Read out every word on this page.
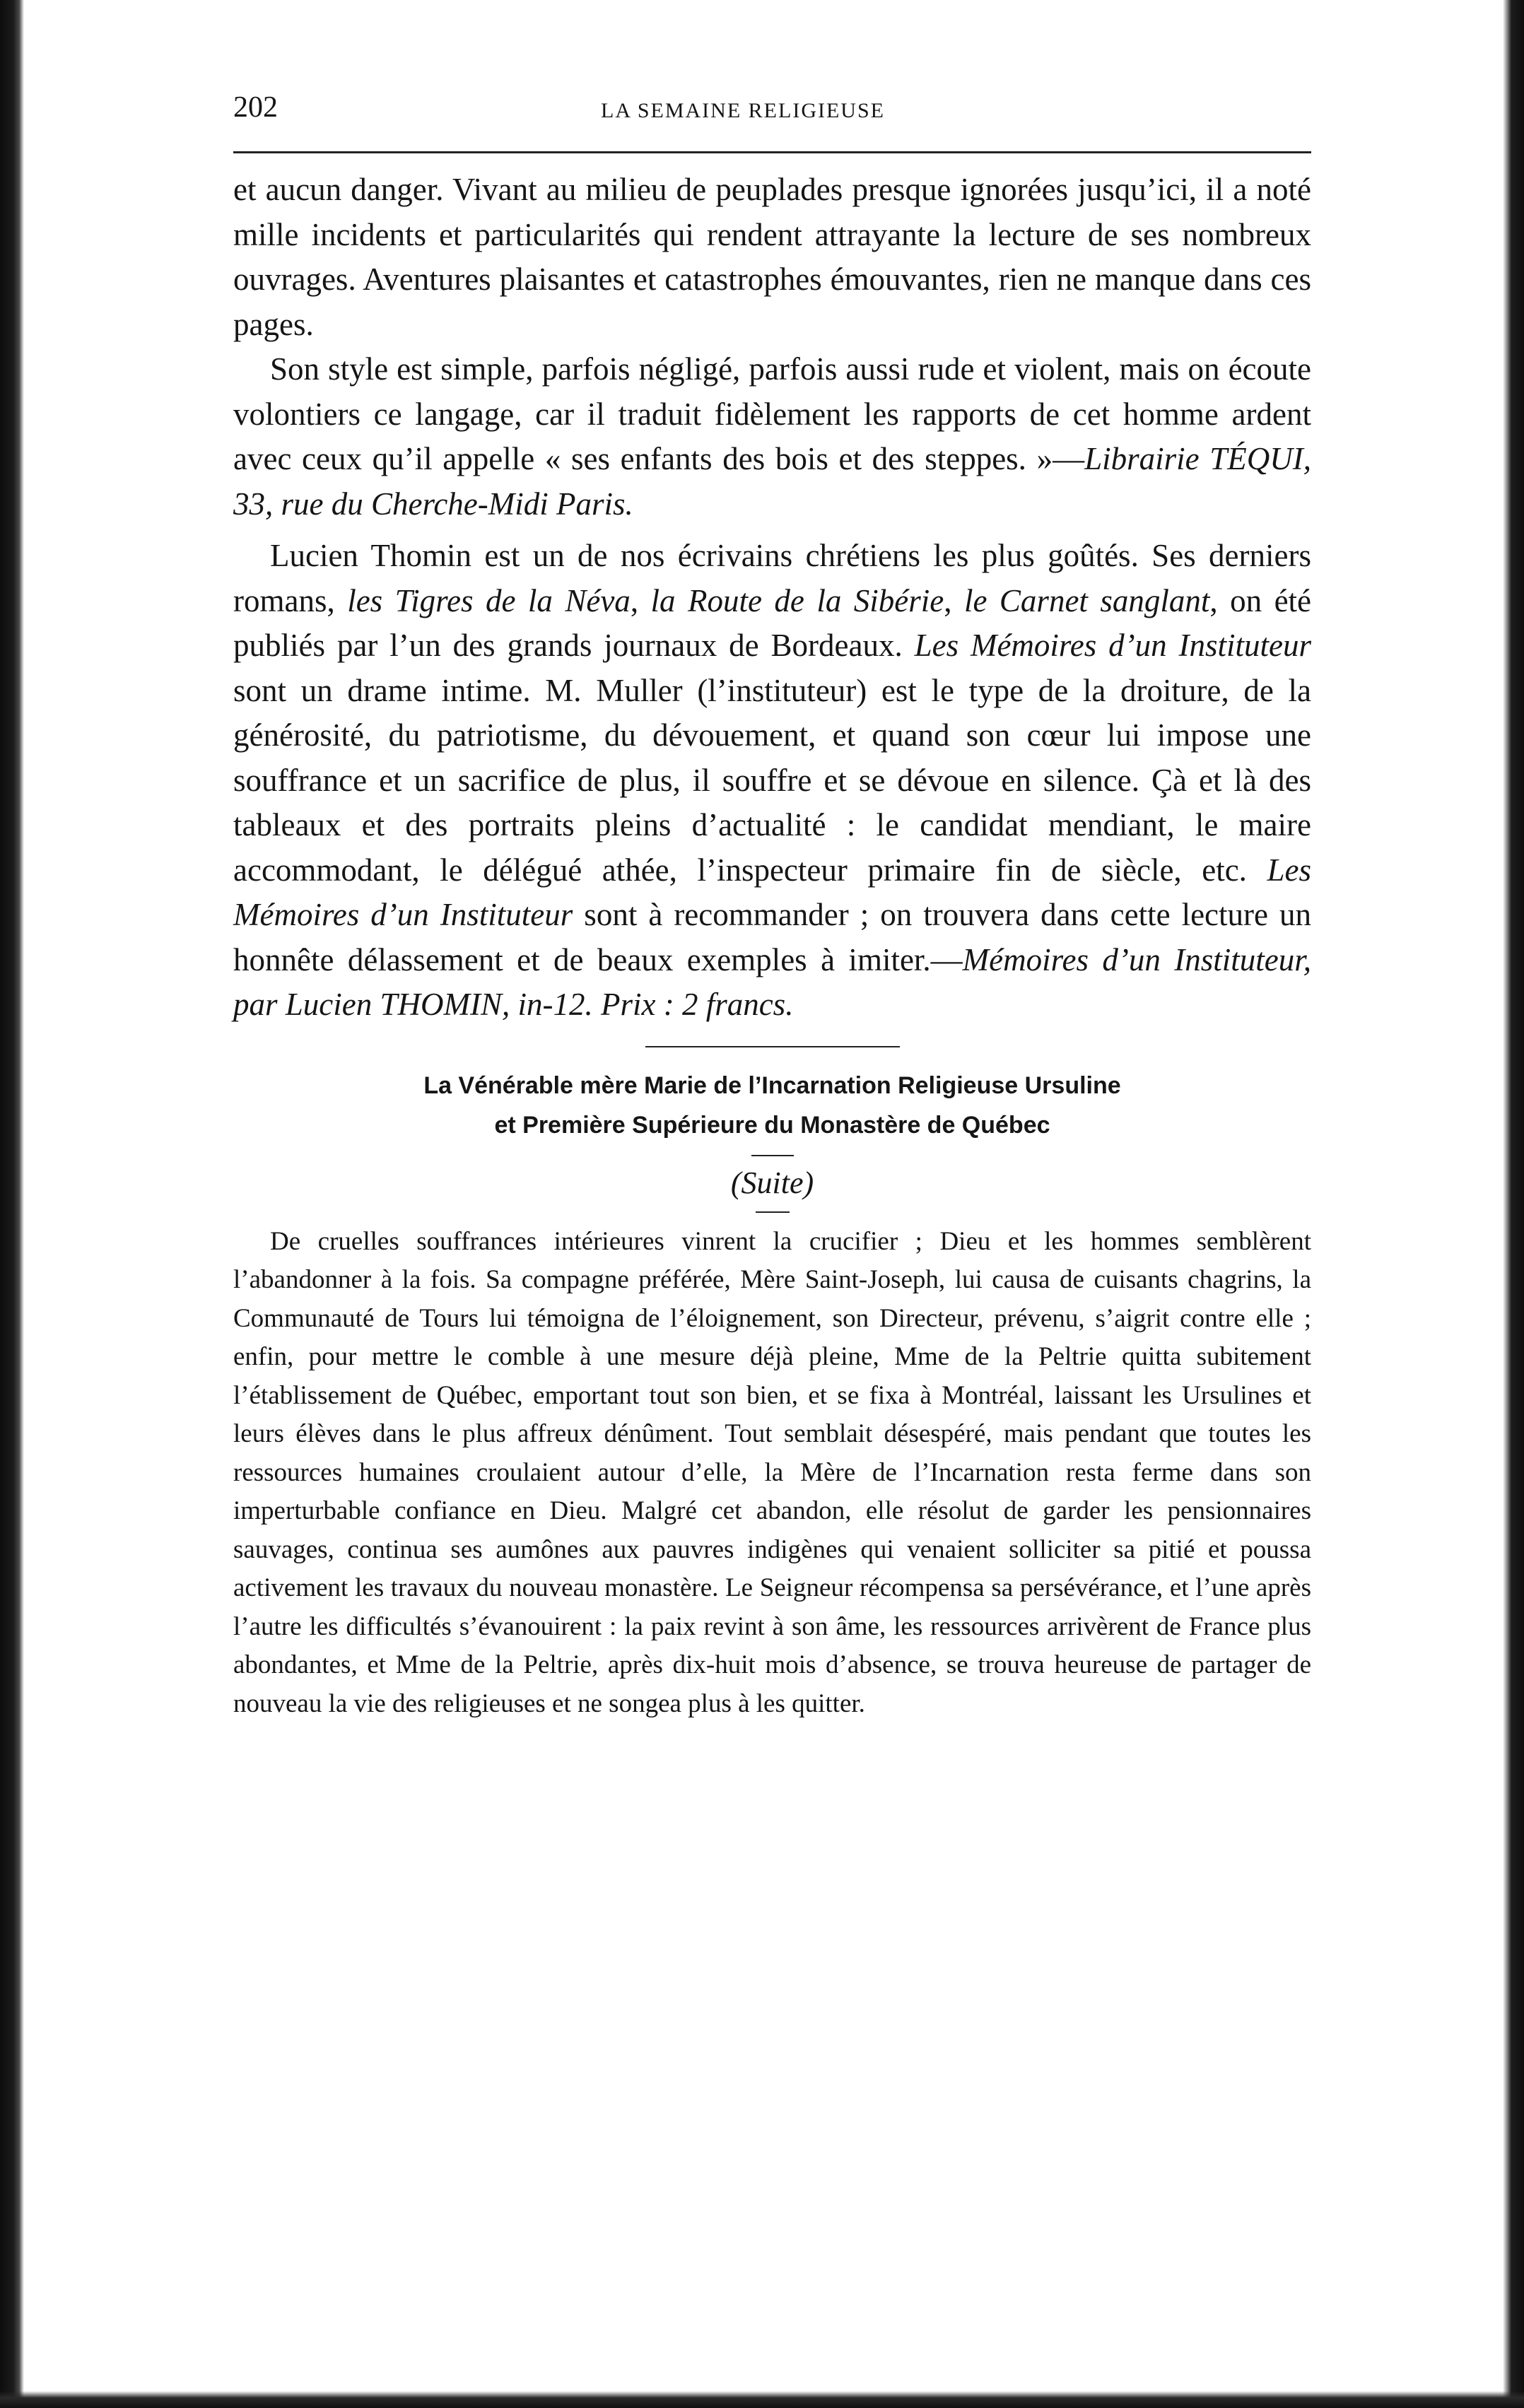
202	LA SEMAINE RELIGIEUSE

et aucun danger. Vivant au milieu de peuplades presque ignorées jusqu’ici, il a noté mille incidents et particularités qui rendent attrayante la lecture de ses nombreux ouvrages. Aventures plaisantes et catastrophes émouvantes, rien ne manque dans ces pages.

Son style est simple, parfois négligé, parfois aussi rude et violent, mais on écoute volontiers ce langage, car il traduit fidèlement les rapports de cet homme ardent avec ceux qu’il appelle « ses enfants des bois et des steppes. »—Librairie TÉQUI, 33, rue du Cherche-Midi Paris.

Lucien Thomin est un de nos écrivains chrétiens les plus goûtés. Ses derniers romans, les Tigres de la Néva, la Route de la Sibérie, le Carnet sanglant, on été publiés par l’un des grands journaux de Bordeaux. Les Mémoires d’un Instituteur sont un drame intime. M. Muller (l’instituteur) est le type de la droiture, de la générosité, du patriotisme, du dévouement, et quand son cœur lui impose une souffrance et un sacrifice de plus, il souffre et se dévoue en silence. Çà et là des tableaux et des portraits pleins d’actualité : le candidat mendiant, le maire accommodant, le délégué athée, l’inspecteur primaire fin de siècle, etc. Les Mémoires d’un Instituteur sont à recommander ; on trouvera dans cette lecture un honnête délassement et de beaux exemples à imiter.—Mémoires d’un Instituteur, par Lucien THOMIN, in-12. Prix : 2 francs.

La Vénérable mère Marie de l’Incarnation Religieuse Ursuline
et Première Supérieure du Monastère de Québec
(Suite)

De cruelles souffrances intérieures vinrent la crucifier ; Dieu et les hommes semblèrent l’abandonner à la fois. Sa compagne préférée, Mère Saint-Joseph, lui causa de cuisants chagrins, la Communauté de Tours lui témoigna de l’éloignement, son Directeur, prévenu, s’aigrit contre elle ; enfin, pour mettre le comble à une mesure déjà pleine, Mme de la Peltrie quitta subitement l’établissement de Québec, emportant tout son bien, et se fixa à Montréal, laissant les Ursulines et leurs élèves dans le plus affreux dénûment. Tout semblait désespéré, mais pendant que toutes les ressources humaines croulaient autour d’elle, la Mère de l’Incarnation resta ferme dans son imperturbable confiance en Dieu. Malgré cet abandon, elle résolut de garder les pensionnaires sauvages, continua ses aumônes aux pauvres indigènes qui venaient solliciter sa pitié et poussa activement les travaux du nouveau monastère. Le Seigneur récompensa sa persévérance, et l’une après l’autre les difficultés s’évanouirent : la paix revint à son âme, les ressources arrivèrent de France plus abondantes, et Mme de la Peltrie, après dix-huit mois d’absence, se trouva heureuse de partager de nouveau la vie des religieuses et ne songea plus à les quitter.
